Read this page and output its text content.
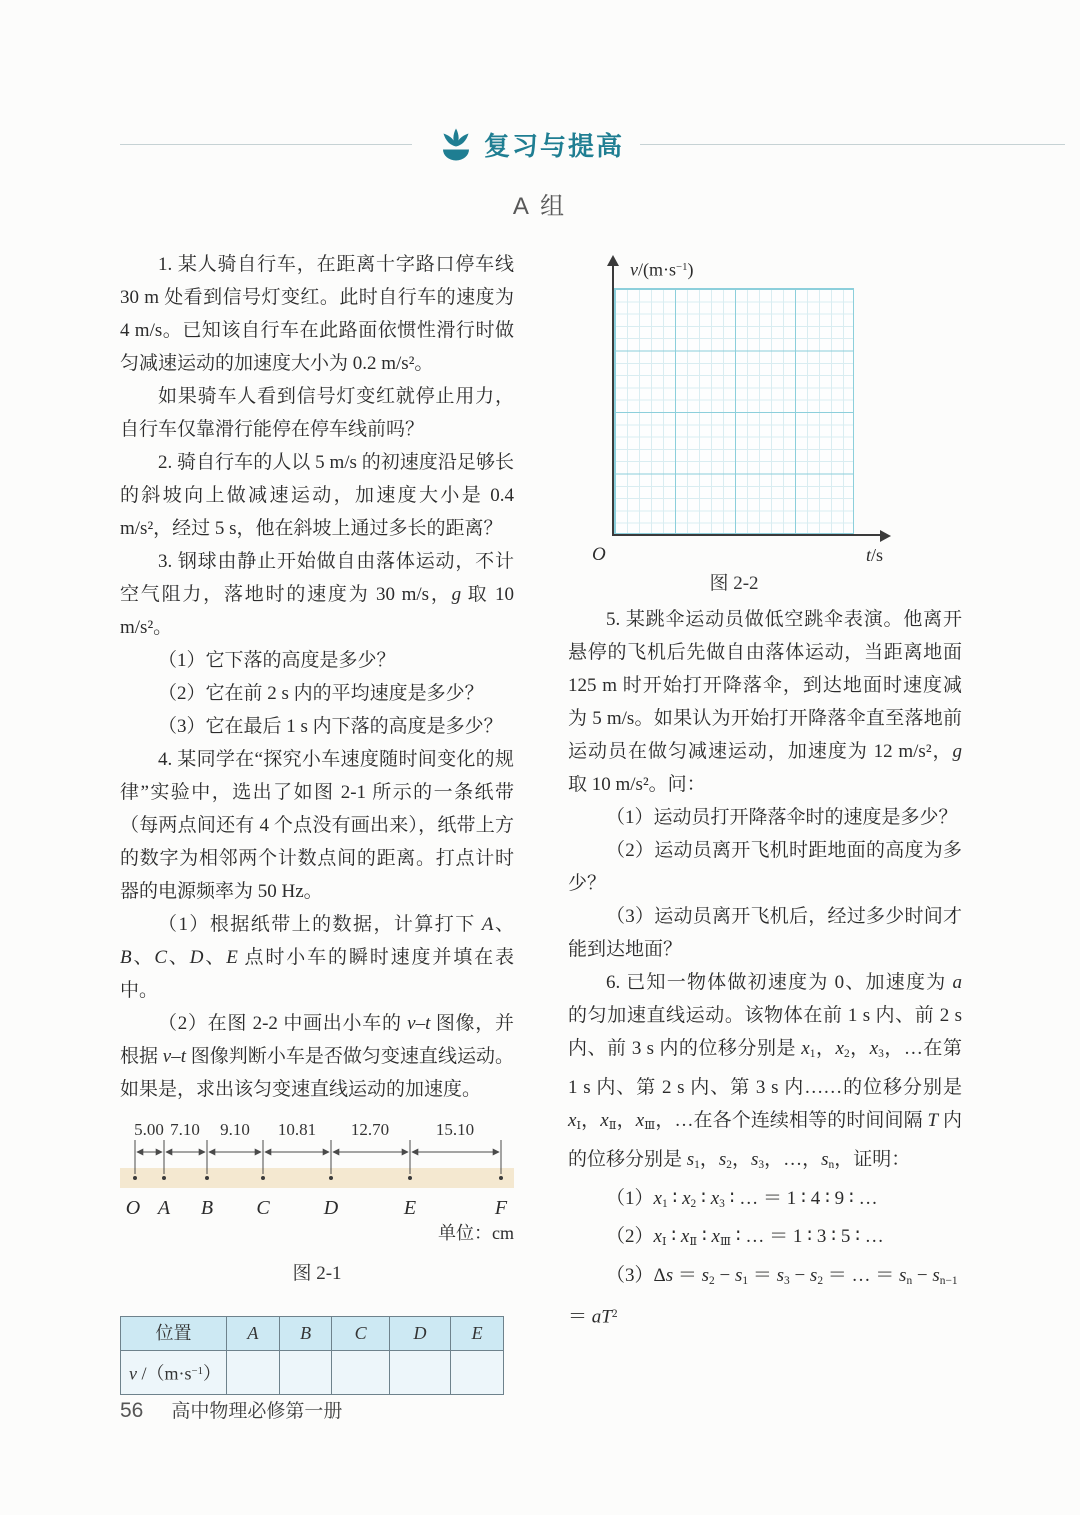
复习与提高
A 组

1. 某人骑自行车，在距离十字路口停车线 30 m 处看到信号灯变红。此时自行车的速度为 4 m/s。已知该自行车在此路面依惯性滑行时做匀减速运动的加速度大小为 0.2 m/s²。

如果骑车人看到信号灯变红就停止用力，自行车仅靠滑行能停在停车线前吗？

2. 骑自行车的人以 5 m/s 的初速度沿足够长的斜坡向上做减速运动，加速度大小是 0.4 m/s²，经过 5 s，他在斜坡上通过多长的距离？

3. 钢球由静止开始做自由落体运动，不计空气阻力，落地时的速度为 30 m/s，g 取 10 m/s²。

（1）它下落的高度是多少？

（2）它在前 2 s 内的平均速度是多少？

（3）它在最后 1 s 内下落的高度是多少？

4. 某同学在“探究小车速度随时间变化的规律”实验中，选出了如图 2-1 所示的一条纸带（每两点间还有 4 个点没有画出来），纸带上方的数字为相邻两个计数点间的距离。打点计时器的电源频率为 50 Hz。

（1）根据纸带上的数据，计算打下 A、B、C、D、E 点时小车的瞬时速度并填在表中。

（2）在图 2-2 中画出小车的 v–t 图像，并根据 v–t 图像判断小车是否做匀变速直线运动。如果是，求出该匀变速直线运动的加速度。

5.00 7.10 9.10 10.81 12.70	15.10
O A B C	D	E	F
单位：cm
图 2-1
位置	A	B	C	D	E
v $/(m\cdot s^{-1})$					
$v/(m\cdot s^{-1})$
O	t/s
图 2-2

5. 某跳伞运动员做低空跳伞表演。他离开悬停的飞机后先做自由落体运动，当距离地面 125 m 时开始打开降落伞，到达地面时速度减为 5 m/s。如果认为开始打开降落伞直至落地前运动员在做匀减速运动，加速度为 12 m/s²，g 取 10 m/s²。问：

（1）运动员打开降落伞时的速度是多少？

（2）运动员离开飞机时距地面的高度为多少？

（3）运动员离开飞机后，经过多少时间才能到达地面？

6. 已知一物体做初速度为 0、加速度为 a 的匀加速直线运动。该物体在前 1 s 内、前 2 s 内、前 3 s 内的位移分别是 $x_1$，$x_2$，$x_3$，…在第 1 s 内、第 2 s 内、第 3 s 内……的位移分别是 $x_Ⅰ$，$x_Ⅱ$，$x_Ⅲ$，…在各个连续相等的时间间隔 T 内的位移分别是 $s_1$，$s_2$，$s_3$，…，$s_n$，证明：

$(1)x_1$ ∶ $x_2$ ∶ $x_3$ ∶ … ＝ 1 ∶ 4 ∶ 9 ∶ …

$(2)x_Ⅰ$ ∶ $x_Ⅱ$ ∶ $x_Ⅲ$ ∶ … ＝ 1 ∶ 3 ∶ 5 ∶ …

$(3)\Delta s = s_2 - s_1 = s_3 - s_2$ ＝ … ＝ $s_n - s_{n-1}$

＝ $aT^2$

56 高中物理必修第一册
